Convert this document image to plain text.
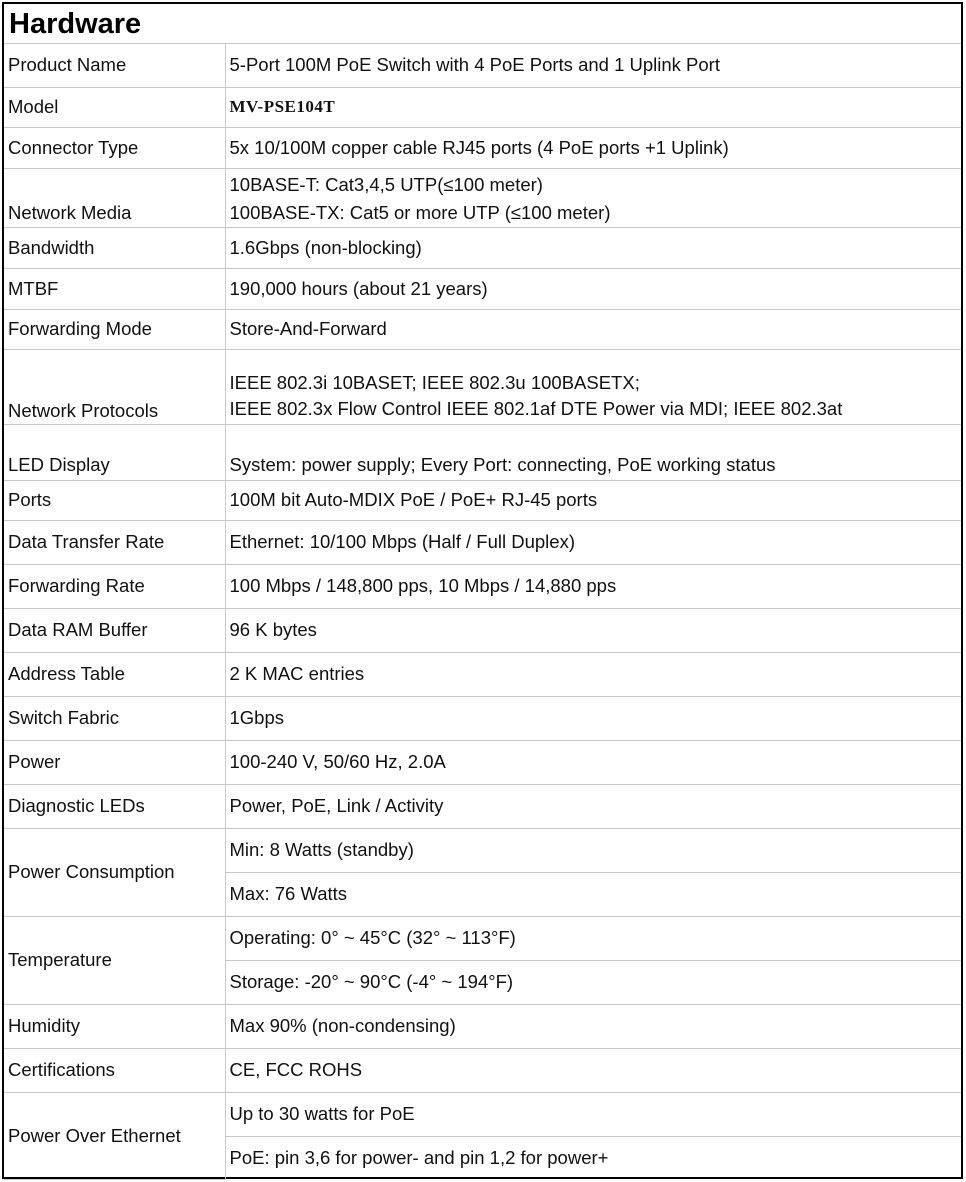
Hardware
Product Name	5-Port 100M PoE Switch with 4 PoE Ports and 1 Uplink Port
Model	MV-PSE104T
Connector Type	5x 10/100M copper cable RJ45 ports (4 PoE ports +1 Uplink)
Network Media	10BASE-T: Cat3,4,5 UTP(≤100 meter)
100BASE-TX: Cat5 or more UTP (≤100 meter)

Bandwidth	1.6Gbps (non-blocking)
MTBF	190,000 hours (about 21 years)
Forwarding Mode	Store-And-Forward
Network Protocols	IEEE 802.3i 10BASET; IEEE 802.3u 100BASETX;
IEEE 802.3x Flow Control IEEE 802.1af DTE Power via MDI; IEEE 802.3at

LED Display	System: power supply; Every Port: connecting, PoE working status
Ports	100M bit Auto-MDIX PoE / PoE+ RJ-45 ports
Data Transfer Rate	Ethernet: 10/100 Mbps (Half / Full Duplex)
Forwarding Rate	100 Mbps / 148,800 pps, 10 Mbps / 14,880 pps
Data RAM Buffer	96 K bytes
Address Table	2 K MAC entries
Switch Fabric	1Gbps
Power	100-240 V, 50/60 Hz, 2.0A
Diagnostic LEDs	Power, PoE, Link / Activity
Power Consumption	Min: 8 Watts (standby)
	Max: 76 Watts
Temperature	Operating: 0° ~ 45°C (32° ~ 113°F)
	Storage: -20° ~ 90°C (-4° ~ 194°F)
Humidity	Max 90% (non-condensing)
Certifications	CE, FCC ROHS
Power Over Ethernet	Up to 30 watts for PoE
	PoE: pin 3,6 for power- and pin 1,2 for power+
